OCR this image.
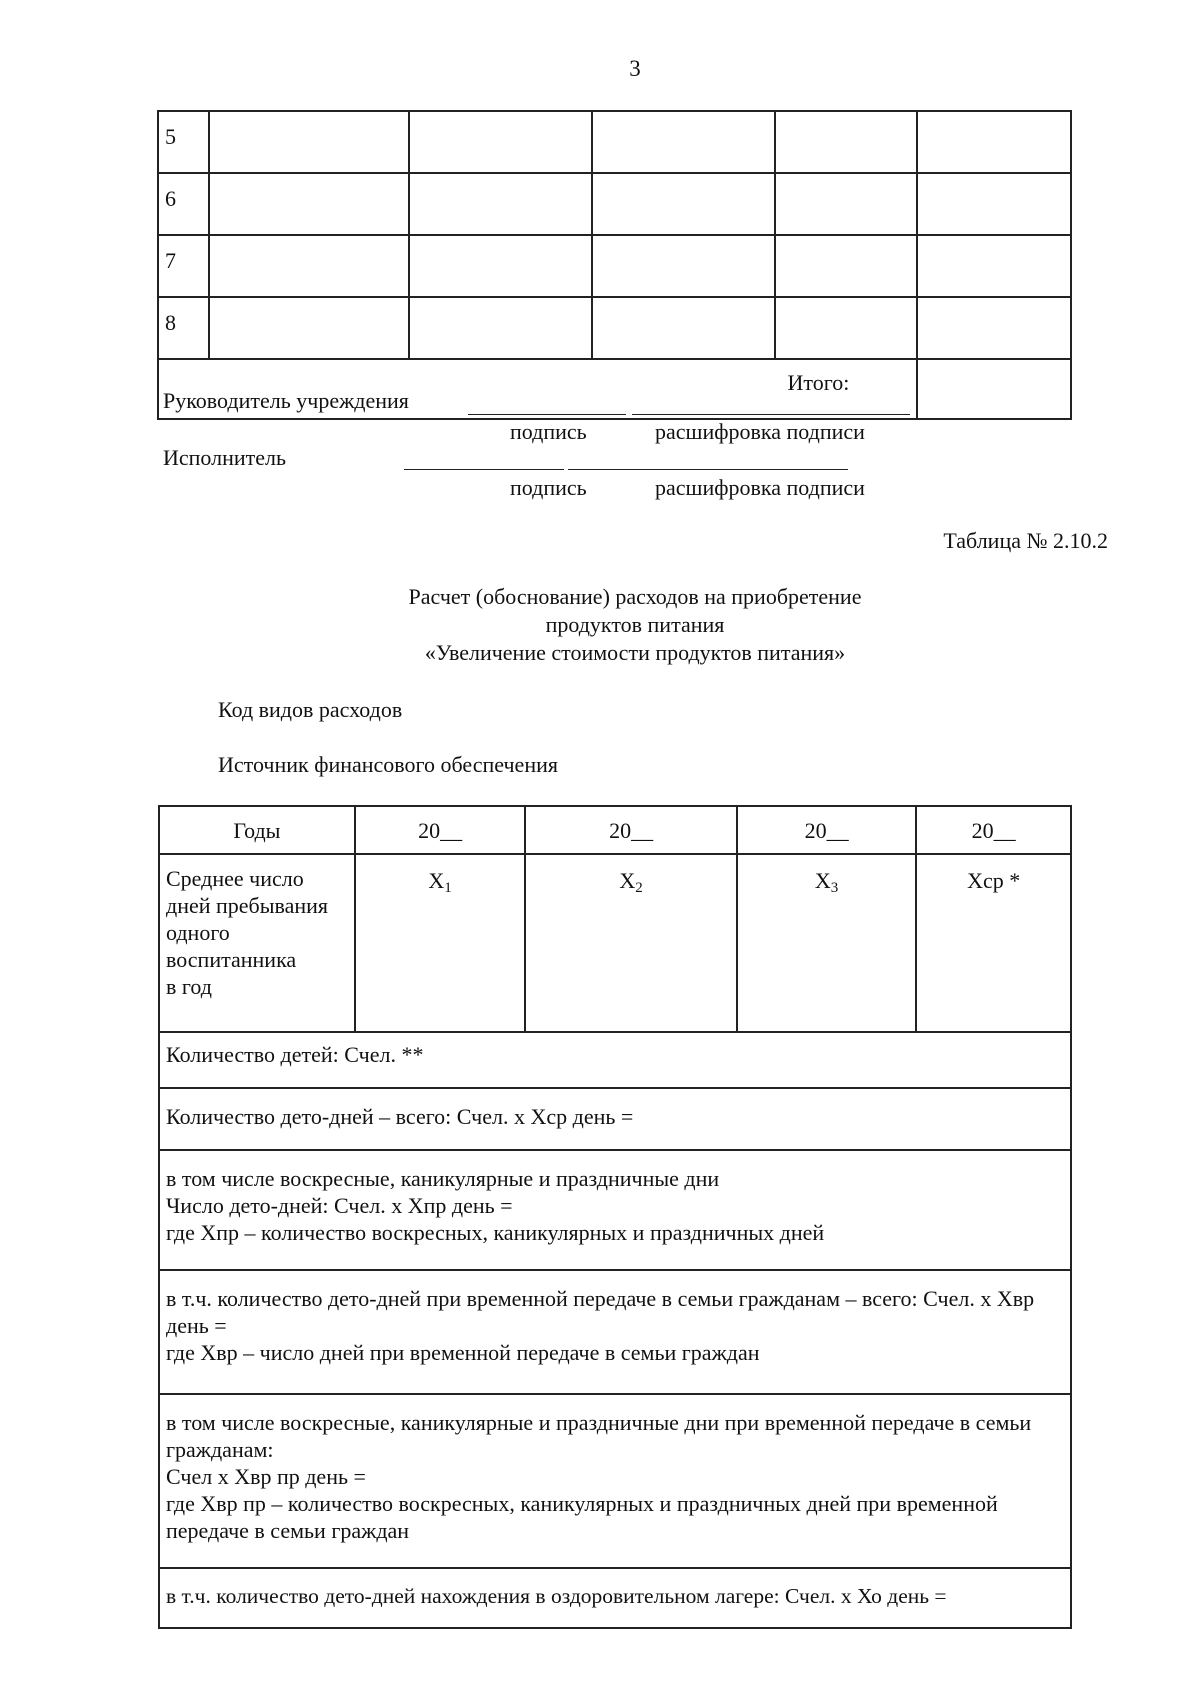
3
5					
6					
7					
8					
Итого:					
Руководитель учреждения
подпись	расшифровка подписи
Исполнитель
подпись	расшифровка подписи
Таблица № 2.10.2
Расчет (обоснование) расходов на приобретение
продуктов питания
«Увеличение стоимости продуктов питания»
Код видов расходов
Источник финансового обеспечения
Годы	20__	20__	20__	20__

Среднее число
дней пребывания
одного
воспитанника
в год	$X_1$	$X_2$	$X_3$	Xср *
Количество детей: Счел. **				
Количество дето-дней – всего: Счел. х Хср день =				

в том числе воскресные, каникулярные и праздничные дни
Число дето-дней: Счел. х Хпр день =
где Хпр – количество воскресных, каникулярных и праздничных дней				

в т.ч. количество дето-дней при временной передаче в семьи гражданам – всего: Счел. х Хвр день =
где Хвр – число дней при временной передаче в семьи граждан				

в том числе воскресные, каникулярные и праздничные дни при временной передаче в семьи гражданам:
Счел х Хвр пр день =
где Хвр пр – количество воскресных, каникулярных и праздничных дней при временной передаче в семьи граждан				

в т.ч. количество дето-дней нахождения в оздоровительном лагере: Счел. х Хо день =				
